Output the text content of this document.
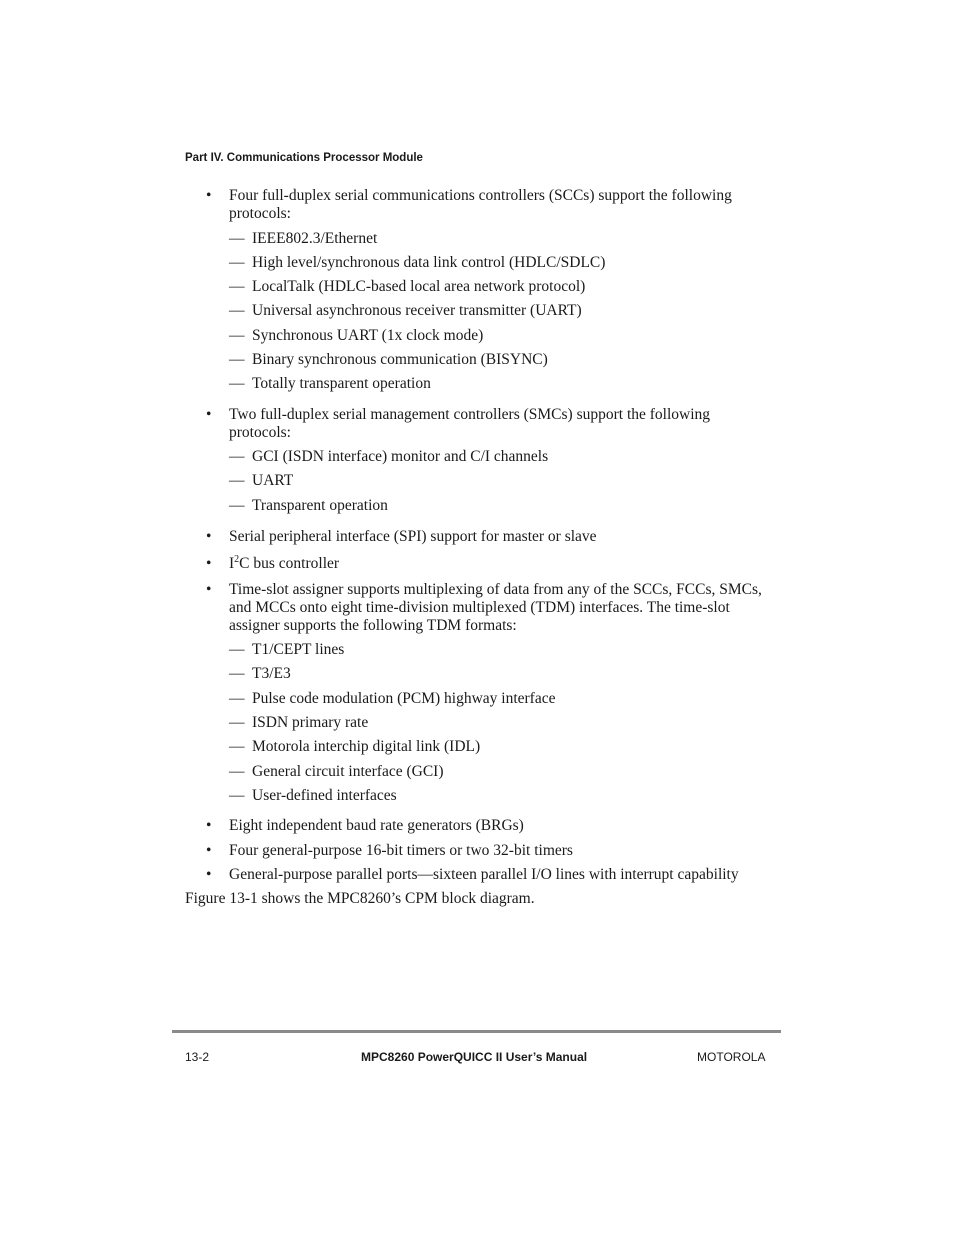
Part IV. Communications Processor Module
• Four full-duplex serial communications controllers (SCCs) support the following protocols:
— IEEE802.3/Ethernet
— High level/synchronous data link control (HDLC/SDLC)
— LocalTalk (HDLC-based local area network protocol)
— Universal asynchronous receiver transmitter (UART)
— Synchronous UART (1x clock mode)
— Binary synchronous communication (BISYNC)
— Totally transparent operation
• Two full-duplex serial management controllers (SMCs) support the following protocols:
— GCI (ISDN interface) monitor and C/I channels
— UART
— Transparent operation
• Serial peripheral interface (SPI) support for master or slave
• $I^2C$ bus controller
• Time-slot assigner supports multiplexing of data from any of the SCCs, FCCs, SMCs, and MCCs onto eight time-division multiplexed (TDM) interfaces. The time-slot assigner supports the following TDM formats:
— T1/CEPT lines
— T3/E3
— Pulse code modulation (PCM) highway interface
— ISDN primary rate
— Motorola interchip digital link (IDL)
— General circuit interface (GCI)
— User-defined interfaces
• Eight independent baud rate generators (BRGs)
• Four general-purpose 16-bit timers or two 32-bit timers
• General-purpose parallel ports—sixteen parallel I/O lines with interrupt capability
Figure 13-1 shows the MPC8260’s CPM block diagram.
13-2	MPC8260 PowerQUICC II User’s Manual	MOTOROLA
